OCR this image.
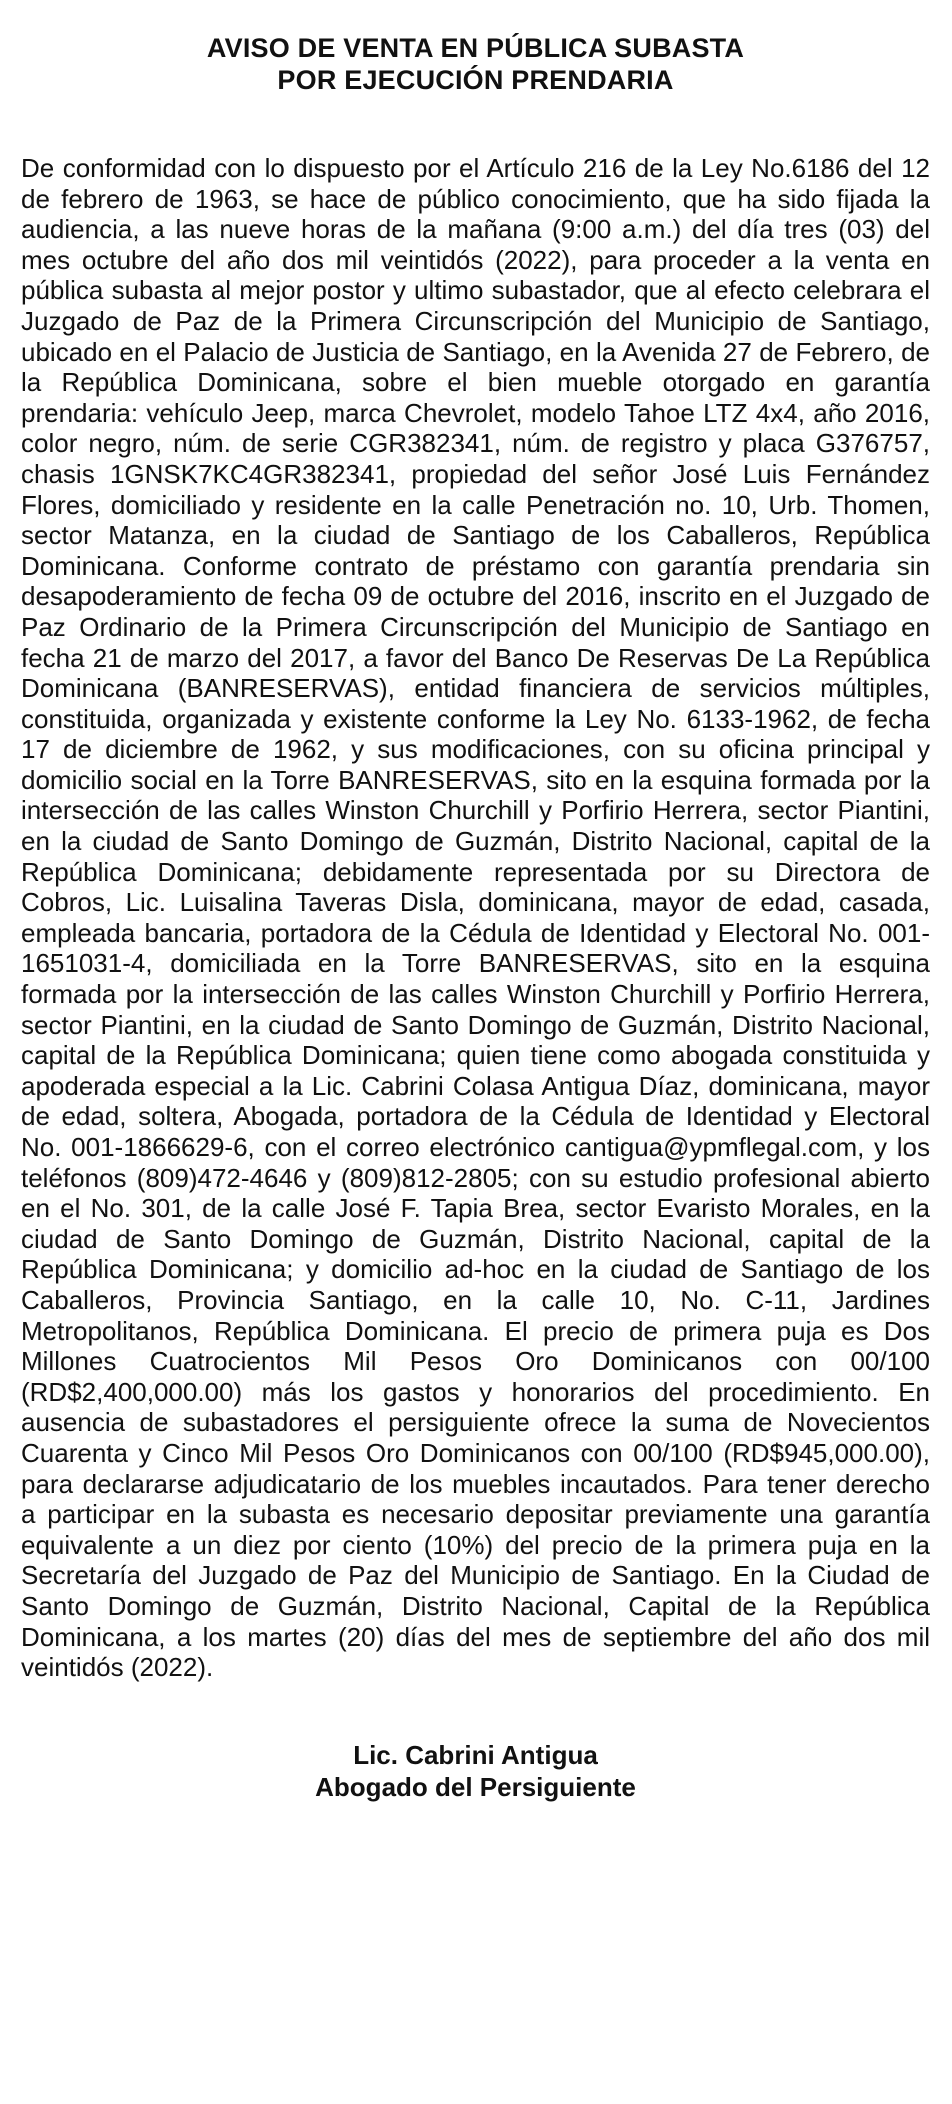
AVISO DE VENTA EN PÚBLICA SUBASTA
POR EJECUCIÓN PRENDARIA

De conformidad con lo dispuesto por el Artículo 216 de la Ley No.6186 del 12 de febrero de 1963, se hace de público conocimiento, que ha sido fijada la audiencia, a las nueve horas de la mañana (9:00 a.m.) del día tres (03) del mes octubre del año dos mil veintidós (2022), para proceder a la venta en pública subasta al mejor postor y ultimo subastador, que al efecto celebrara el Juzgado de Paz de la Primera Circunscripción del Municipio de Santiago, ubicado en el Palacio de Justicia de Santiago, en la Avenida 27 de Febrero, de la República Dominicana, sobre el bien mueble otorgado en garantía prendaria: vehículo Jeep, marca Chevrolet, modelo Tahoe LTZ 4x4, año 2016, color negro, núm. de serie CGR382341, núm. de registro y placa G376757, chasis 1GNSK7KC4GR382341, propiedad del señor José Luis Fernández Flores, domiciliado y residente en la calle Penetración no. 10, Urb. Thomen, sector Matanza, en la ciudad de Santiago de los Caballeros, República Dominicana. Conforme contrato de préstamo con garantía prendaria sin desapoderamiento de fecha 09 de octubre del 2016, inscrito en el Juzgado de Paz Ordinario de la Primera Circunscripción del Municipio de Santiago en fecha 21 de marzo del 2017, a favor del Banco De Reservas De La República Dominicana (BANRESERVAS), entidad financiera de servicios múltiples, constituida, organizada y existente conforme la Ley No. 6133-1962, de fecha 17 de diciembre de 1962, y sus modificaciones, con su oficina principal y domicilio social en la Torre BANRESERVAS, sito en la esquina formada por la intersección de las calles Winston Churchill y Porfirio Herrera, sector Piantini, en la ciudad de Santo Domingo de Guzmán, Distrito Nacional, capital de la República Dominicana; debidamente representada por su Directora de Cobros, Lic. Luisalina Taveras Disla, dominicana, mayor de edad, casada, empleada bancaria, portadora de la Cédula de Identidad y Electoral No. 001-1651031-4, domiciliada en la Torre BANRESERVAS, sito en la esquina formada por la intersección de las calles Winston Churchill y Porfirio Herrera, sector Piantini, en la ciudad de Santo Domingo de Guzmán, Distrito Nacional, capital de la República Dominicana; quien tiene como abogada constituida y apoderada especial a la Lic. Cabrini Colasa Antigua Díaz, dominicana, mayor de edad, soltera, Abogada, portadora de la Cédula de Identidad y Electoral No. 001-1866629-6, con el correo electrónico cantigua@ypmflegal.com, y los teléfonos (809)472-4646 y (809)812-2805; con su estudio profesional abierto en el No. 301, de la calle José F. Tapia Brea, sector Evaristo Morales, en la ciudad de Santo Domingo de Guzmán, Distrito Nacional, capital de la República Dominicana; y domicilio ad-hoc en la ciudad de Santiago de los Caballeros, Provincia Santiago, en la calle 10, No. C-11, Jardines Metropolitanos, República Dominicana. El precio de primera puja es Dos Millones Cuatrocientos Mil Pesos Oro Dominicanos con 00/100 (RD$2,400,000.00) más los gastos y honorarios del procedimiento. En ausencia de subastadores el persiguiente ofrece la suma de Novecientos Cuarenta y Cinco Mil Pesos Oro Dominicanos con 00/100 (RD$945,000.00), para declararse adjudicatario de los muebles incautados. Para tener derecho a participar en la subasta es necesario depositar previamente una garantía equivalente a un diez por ciento (10%) del precio de la primera puja en la Secretaría del Juzgado de Paz del Municipio de Santiago. En la Ciudad de Santo Domingo de Guzmán, Distrito Nacional, Capital de la República Dominicana, a los martes (20) días del mes de septiembre del año dos mil veintidós (2022).

Lic. Cabrini Antigua
Abogado del Persiguiente
